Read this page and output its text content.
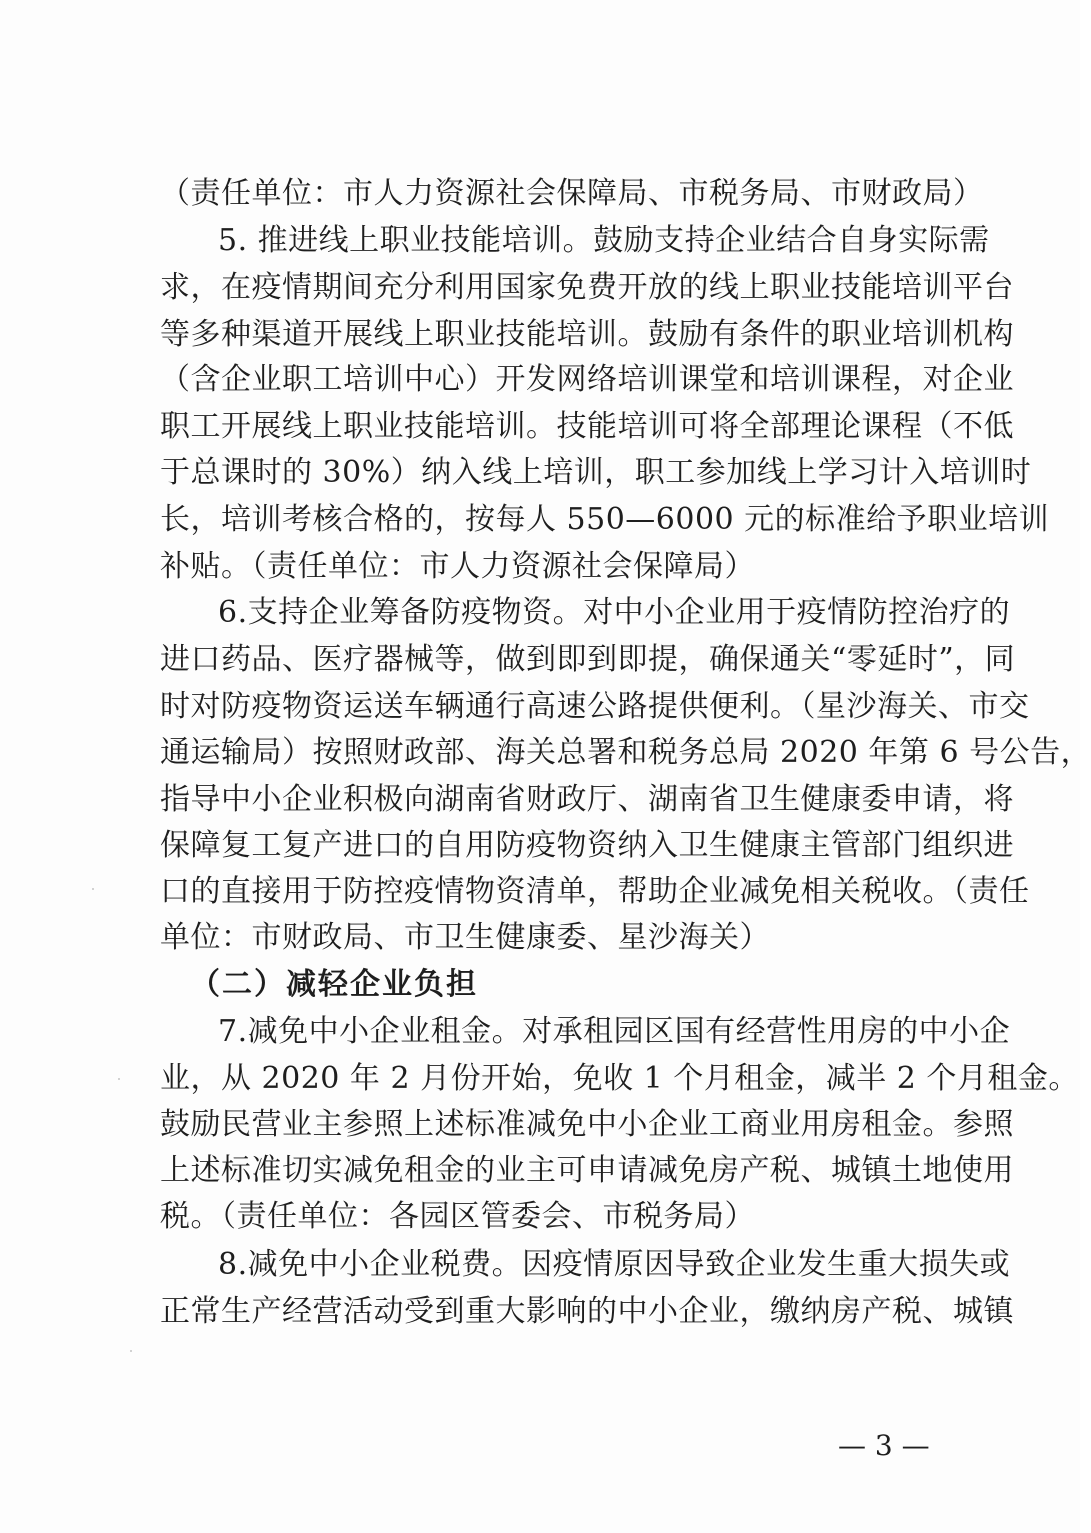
（责任单位：市人力资源社会保障局、市税务局、市财政局）
5. 推进线上职业技能培训。鼓励支持企业结合自身实际需
求，在疫情期间充分利用国家免费开放的线上职业技能培训平台
等多种渠道开展线上职业技能培训。鼓励有条件的职业培训机构
（含企业职工培训中心）开发网络培训课堂和培训课程，对企业
职工开展线上职业技能培训。技能培训可将全部理论课程（不低
于总课时的 30%）纳入线上培训，职工参加线上学习计入培训时
长，培训考核合格的，按每人 550—6000 元的标准给予职业培训
补贴。（责任单位：市人力资源社会保障局）
6.支持企业筹备防疫物资。对中小企业用于疫情防控治疗的
进口药品、医疗器械等，做到即到即提，确保通关“零延时”，同
时对防疫物资运送车辆通行高速公路提供便利。（星沙海关、市交
通运输局）按照财政部、海关总署和税务总局 2020 年第 6 号公告，
指导中小企业积极向湖南省财政厅、湖南省卫生健康委申请，将
保障复工复产进口的自用防疫物资纳入卫生健康主管部门组织进
口的直接用于防控疫情物资清单，帮助企业减免相关税收。（责任
单位：市财政局、市卫生健康委、星沙海关）
（二）减轻企业负担
7.减免中小企业租金。对承租园区国有经营性用房的中小企
业，从 2020 年 2 月份开始，免收 1 个月租金，减半 2 个月租金。
鼓励民营业主参照上述标准减免中小企业工商业用房租金。参照
上述标准切实减免租金的业主可申请减免房产税、城镇土地使用
税。（责任单位：各园区管委会、市税务局）
8.减免中小企业税费。因疫情原因导致企业发生重大损失或
正常生产经营活动受到重大影响的中小企业，缴纳房产税、城镇
— 3 —
